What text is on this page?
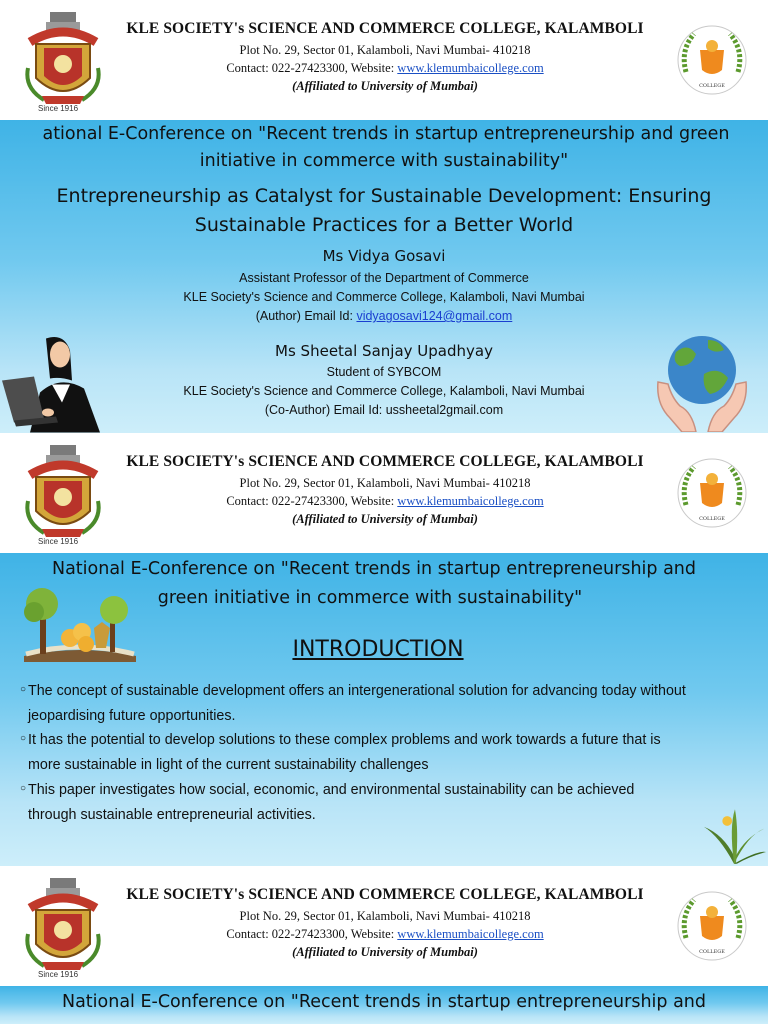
Since 1916
KLE SOCIETY's SCIENCE AND COMMERCE COLLEGE, KALAMBOLI
Plot No. 29, Sector 01, Kalamboli, Navi Mumbai- 410218
Contact: 022-27423300, Website: www.klemumbaicollege.com
(Affiliated to University of Mumbai)	COLLEGE
ational E-Conference on "Recent trends in startup entrepreneurship and green
initiative in commerce with sustainability"
Entrepreneurship as Catalyst for Sustainable Development: Ensuring
Sustainable Practices for a Better World
Ms Vidya Gosavi
Assistant Professor of the Department of Commerce
KLE Society's Science and Commerce College, Kalamboli, Navi Mumbai
(Author) Email Id: vidyagosavi124@gmail.com
Ms Sheetal Sanjay Upadhyay
Student of SYBCOM
KLE Society's Science and Commerce College, Kalamboli, Navi Mumbai
(Co-Author) Email Id: ussheetal2gmail.com
Since 1916
KLE SOCIETY's SCIENCE AND COMMERCE COLLEGE, KALAMBOLI
Plot No. 29, Sector 01, Kalamboli, Navi Mumbai- 410218
Contact: 022-27423300, Website: www.klemumbaicollege.com
(Affiliated to University of Mumbai)	COLLEGE
National E-Conference on "Recent trends in startup entrepreneurship and
green initiative in commerce with sustainability"
INTRODUCTION
○ The concept of sustainable development offers an intergenerational solution for advancing today without
jeopardising future opportunities.
○ It has the potential to develop solutions to these complex problems and work towards a future that is
more sustainable in light of the current sustainability challenges
○ This paper investigates how social, economic, and environmental sustainability can be achieved
through sustainable entrepreneurial activities.
Since 1916
KLE SOCIETY's SCIENCE AND COMMERCE COLLEGE, KALAMBOLI
Plot No. 29, Sector 01, Kalamboli, Navi Mumbai- 410218
Contact: 022-27423300, Website: www.klemumbaicollege.com
(Affiliated to University of Mumbai)	COLLEGE
National E-Conference on "Recent trends in startup entrepreneurship and
